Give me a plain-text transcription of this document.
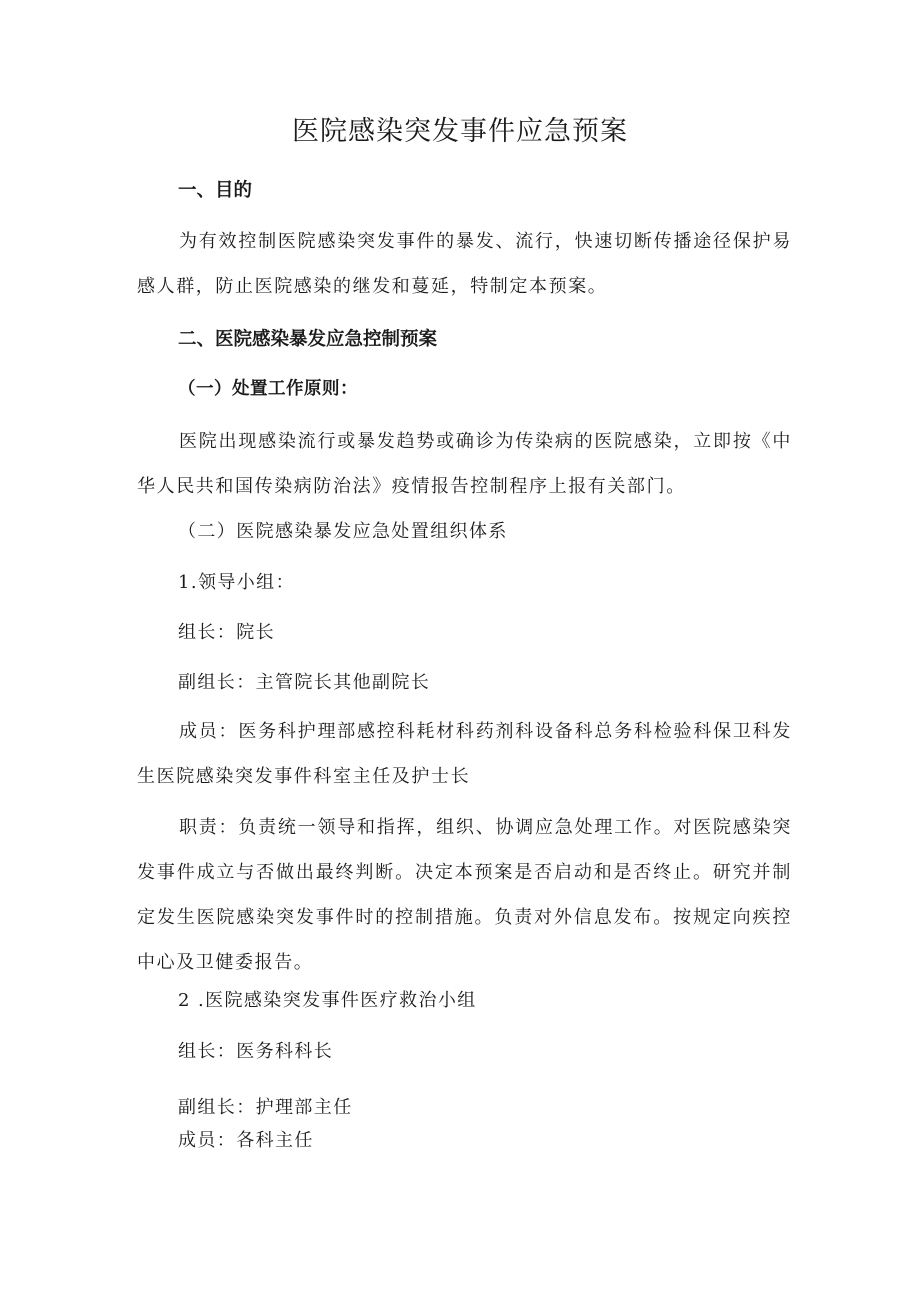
医院感染突发事件应急预案
一、目的

为有效控制医院感染突发事件的暴发、流行，快速切断传播途径保护易感人群，防止医院感染的继发和蔓延，特制定本预案。

二、医院感染暴发应急控制预案
（一）处置工作原则：

医院出现感染流行或暴发趋势或确诊为传染病的医院感染，立即按《中华人民共和国传染病防治法》疫情报告控制程序上报有关部门。

（二）医院感染暴发应急处置组织体系

1.领导小组：

组长：院长

副组长：主管院长其他副院长

成员：医务科护理部感控科耗材科药剂科设备科总务科检验科保卫科发生医院感染突发事件科室主任及护士长

职责：负责统一领导和指挥，组织、协调应急处理工作。对医院感染突发事件成立与否做出最终判断。决定本预案是否启动和是否终止。研究并制定发生医院感染突发事件时的控制措施。负责对外信息发布。按规定向疾控中心及卫健委报告。

2 .医院感染突发事件医疗救治小组

组长：医务科科长

副组长：护理部主任

成员：各科主任
